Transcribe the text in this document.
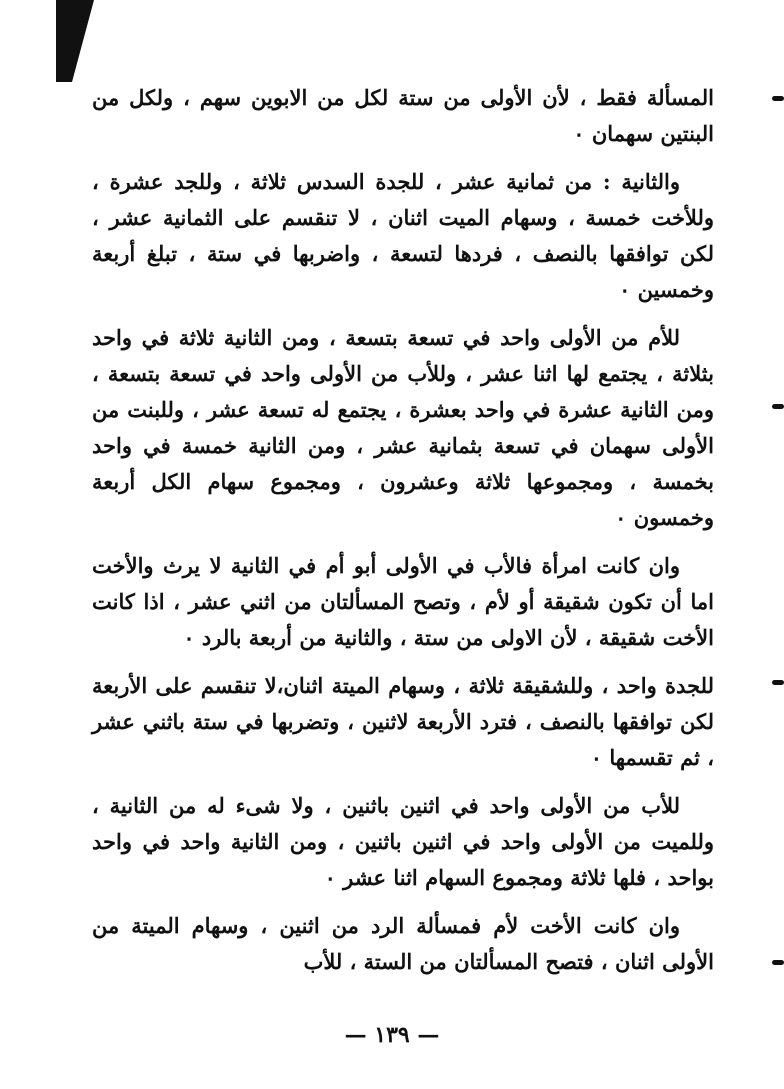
المسألة فقط ، لأن الأولى من ستة لكل من الابوين سهم ، ولكل من البنتين سهمان ٠

والثانية : من ثمانية عشر ، للجدة السدس ثلاثة ، وللجد عشرة ، وللأخت خمسة ، وسهام الميت اثنان ، لا تنقسم على الثمانية عشر ، لكن توافقها بالنصف ، فردها لتسعة ، واضربها في ستة ، تبلغ أربعة وخمسين ٠

للأم من الأولى واحد في تسعة بتسعة ، ومن الثانية ثلاثة في واحد بثلاثة ، يجتمع لها اثنا عشر ، وللأب من الأولى واحد في تسعة بتسعة ، ومن الثانية عشرة في واحد بعشرة ، يجتمع له تسعة عشر ، وللبنت من الأولى سهمان في تسعة بثمانية عشر ، ومن الثانية خمسة في واحد بخمسة ، ومجموعها ثلاثة وعشرون ، ومجموع سهام الكل أربعة وخمسون ٠

وان كانت امرأة فالأب في الأولى أبو أم في الثانية لا يرث والأخت اما أن تكون شقيقة أو لأم ، وتصح المسألتان من اثني عشر ، اذا كانت الأخت شقيقة ، لأن الاولى من ستة ، والثانية من أربعة بالرد ٠

للجدة واحد ، وللشقيقة ثلاثة ، وسهام الميتة اثنان،لا تنقسم على الأربعة لكن توافقها بالنصف ، فترد الأربعة لاثنين ، وتضربها في ستة باثني عشر ، ثم تقسمها ٠

للأب من الأولى واحد في اثنين باثنين ، ولا شىء له من الثانية ، وللميت من الأولى واحد في اثنين باثنين ، ومن الثانية واحد في واحد بواحد ، فلها ثلاثة ومجموع السهام اثنا عشر ٠

وان كانت الأخت لأم فمسألة الرد من اثنين ، وسهام الميتة من الأولى اثنان ، فتصح المسألتان من الستة ، للأب

— ١٣٩ —
